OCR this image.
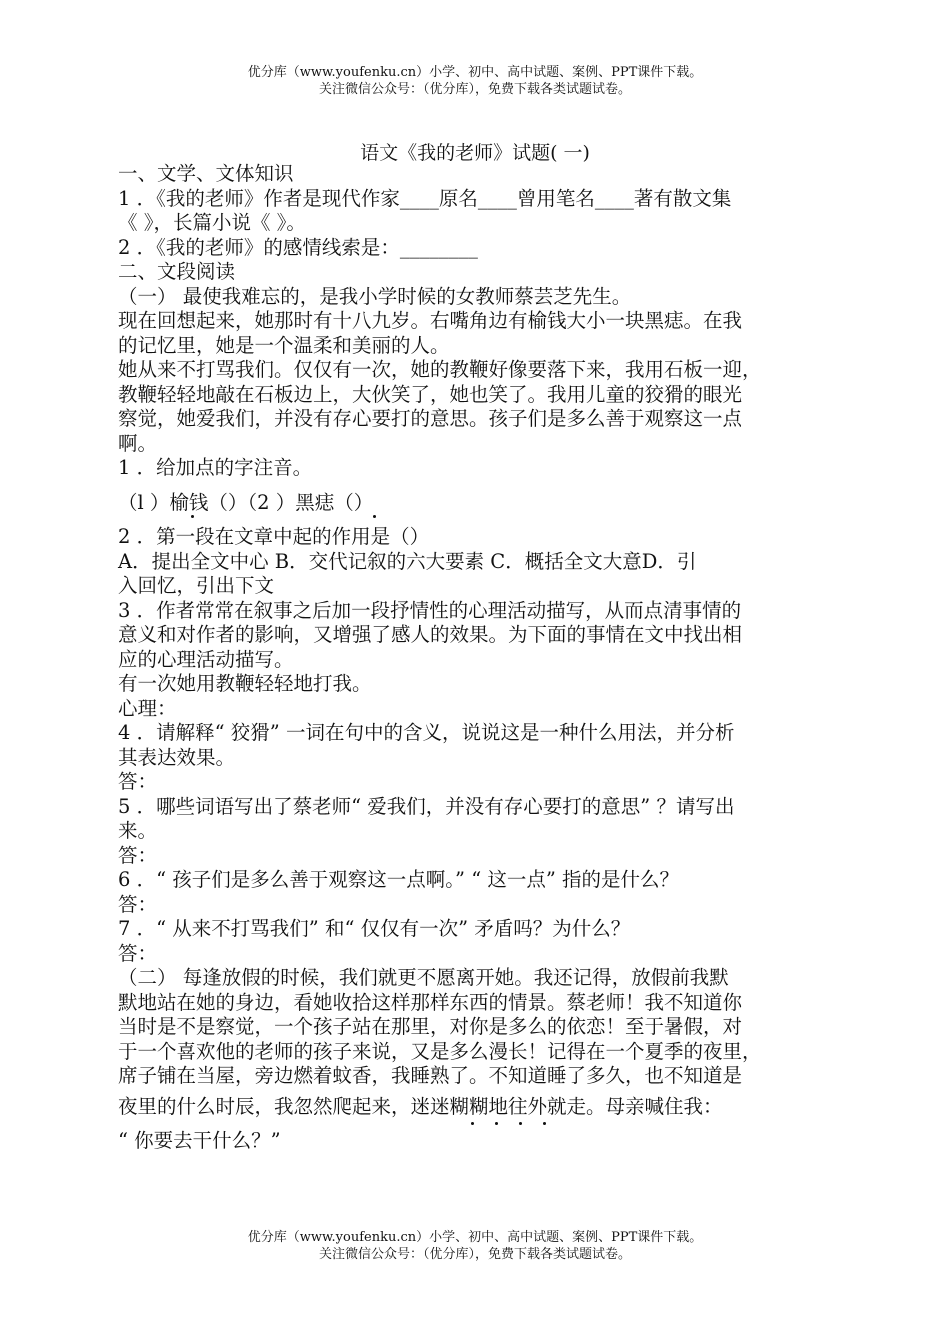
优分库（www.youfenku.cn）小学、初中、高中试题、案例、PPT课件下载。
关注微信公众号：（优分库），免费下载各类试题试卷。
语文《我的老师》试题( 一)

一、文学、文体知识

1 ．《我的老师》作者是现代作家____原名____曾用笔名____著有散文集

《 》，长篇小说《 》。

2 ．《我的老师》的感情线索是：________

二、文段阅读

（一） 最使我难忘的，是我小学时候的女教师蔡芸芝先生。

现在回想起来，她那时有十八九岁。右嘴角边有榆钱大小一块黑痣。在我

的记忆里，她是一个温柔和美丽的人。

她从来不打骂我们。仅仅有一次，她的教鞭好像要落下来，我用石板一迎，

教鞭轻轻地敲在石板边上，大伙笑了，她也笑了。我用儿童的狡猾的眼光

察觉，她爱我们，并没有存心要打的意思。孩子们是多么善于观察这一点

啊。

1 ．给加点的字注音。

（l ）榆钱（）（2 ）黑痣（）

2 ．第一段在文章中起的作用是（）

A．提出全文中心 B．交代记叙的六大要素 C．概括全文大意D．引

入回忆，引出下文

3 ．作者常常在叙事之后加一段抒情性的心理活动描写，从而点清事情的

意义和对作者的影响，又增强了感人的效果。为下面的事情在文中找出相

应的心理活动描写。

有一次她用教鞭轻轻地打我。

心理：

4 ．请解释“ 狡猾” 一词在句中的含义，说说这是一种什么用法，并分析

其表达效果。

答：

5 ．哪些词语写出了蔡老师“ 爱我们，并没有存心要打的意思” ？请写出

来。

答：

6 ．“ 孩子们是多么善于观察这一点啊。” “ 这一点” 指的是什么？

答：

7 ．“ 从来不打骂我们” 和“ 仅仅有一次” 矛盾吗？为什么？

答：

（二） 每逢放假的时候，我们就更不愿离开她。我还记得，放假前我默

默地站在她的身边，看她收拾这样那样东西的情景。蔡老师！我不知道你

当时是不是察觉，一个孩子站在那里，对你是多么的依恋！至于暑假，对

于一个喜欢他的老师的孩子来说，又是多么漫长！记得在一个夏季的夜里，

席子铺在当屋，旁边燃着蚊香，我睡熟了。不知道睡了多久，也不知道是

夜里的什么时辰，我忽然爬起来，迷迷糊糊地往外就走。母亲喊住我：

“ 你要去干什么？”

优分库（www.youfenku.cn）小学、初中、高中试题、案例、PPT课件下载。
关注微信公众号：（优分库），免费下载各类试题试卷。
